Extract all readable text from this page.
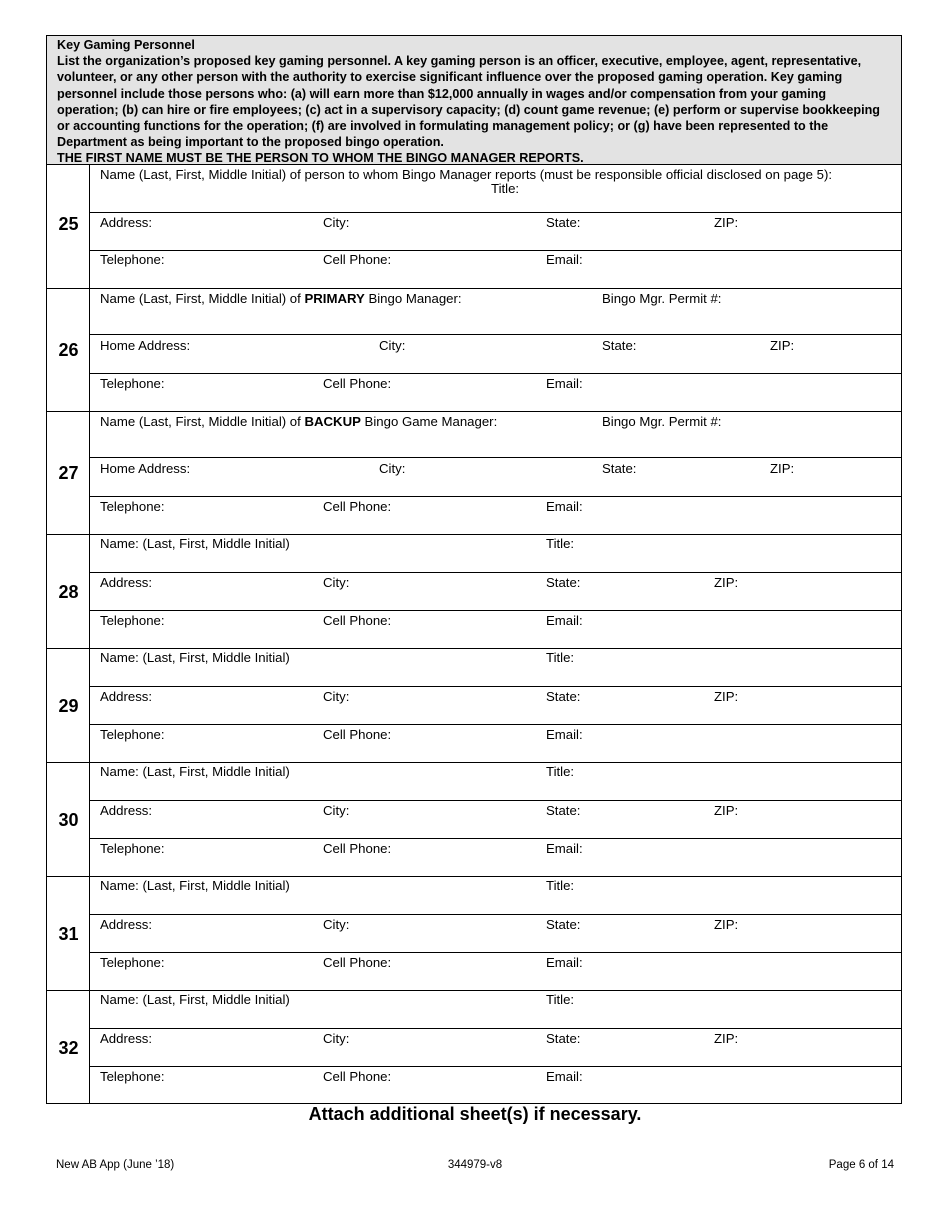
Key Gaming Personnel

List the organization’s proposed key gaming personnel. A key gaming person is an officer, executive, employee, agent, representative, volunteer, or any other person with the authority to exercise significant influence over the proposed gaming operation. Key gaming personnel include those persons who: (a) will earn more than $12,000 annually in wages and/or compensation from your gaming operation; (b) can hire or fire employees; (c) act in a supervisory capacity; (d) count game revenue; (e) perform or supervise bookkeeping or accounting functions for the operation; (f) are involved in formulating management policy; or (g) have been represented to the Department as being important to the proposed bingo operation.

THE FIRST NAME MUST BE THE PERSON TO WHOM THE BINGO MANAGER REPORTS.

25
Name (Last, First, Middle Initial) of person to whom Bingo Manager reports (must be responsible official disclosed on page 5):
Title:
Address:	City:	State:	ZIP:
Telephone:	Cell Phone:	Email:
26
Name (Last, First, Middle Initial) of PRIMARY Bingo Manager:	Bingo Mgr. Permit #:
Home Address:	City:	State:	ZIP:
Telephone:	Cell Phone:	Email:
27
Name (Last, First, Middle Initial) of BACKUP Bingo Game Manager:	Bingo Mgr. Permit #:
Home Address:	City:	State:	ZIP:
Telephone:	Cell Phone:	Email:
28
Name: (Last, First, Middle Initial)	Title:
Address:	City:	State:	ZIP:
Telephone:	Cell Phone:	Email:
29
Name: (Last, First, Middle Initial)	Title:
Address:	City:	State:	ZIP:
Telephone:	Cell Phone:	Email:
30
Name: (Last, First, Middle Initial)	Title:
Address:	City:	State:	ZIP:
Telephone:	Cell Phone:	Email:
31
Name: (Last, First, Middle Initial)	Title:
Address:	City:	State:	ZIP:
Telephone:	Cell Phone:	Email:
32
Name: (Last, First, Middle Initial)	Title:
Address:	City:	State:	ZIP:
Telephone:	Cell Phone:	Email:
Attach additional sheet(s) if necessary.
New AB App (June ’18)	344979-v8	Page 6 of 14
